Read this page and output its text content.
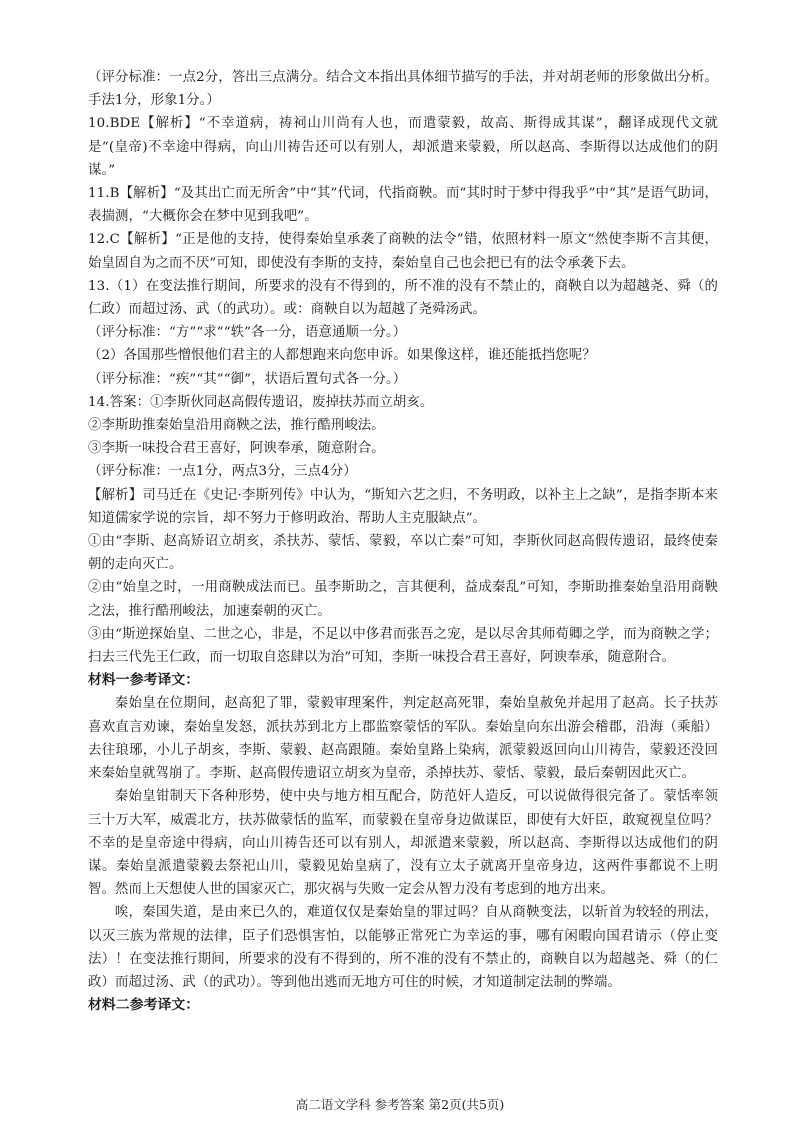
（评分标准：一点2分，答出三点满分。结合文本指出具体细节描写的手法，并对胡老师的形象做出分析。手法1分，形象1分。）

10.BDE【解析】“不幸道病，祷祠山川尚有人也，而遣蒙毅，故高、斯得成其谋”，翻译成现代文就是“(皇帝)不幸途中得病，向山川祷告还可以有别人，却派遣来蒙毅，所以赵高、李斯得以达成他们的阴谋。”

11.B【解析】“及其出亡而无所舍”中“其”代词，代指商鞅。而“其时时于梦中得我乎”中“其”是语气助词，表揣测，“大概你会在梦中见到我吧”。

12.C【解析】“正是他的支持，使得秦始皇承袭了商鞅的法令”错，依照材料一原文“然使李斯不言其便，始皇固自为之而不厌”可知，即使没有李斯的支持，秦始皇自己也会把已有的法令承袭下去。

13.（1）在变法推行期间，所要求的没有不得到的，所不准的没有不禁止的，商鞅自以为超越尧、舜（的仁政）而超过汤、武（的武功）。或：商鞅自以为超越了尧舜汤武。

（评分标准：“方”“求”“轶”各一分，语意通顺一分。）

（2）各国那些憎恨他们君主的人都想跑来向您申诉。如果像这样，谁还能抵挡您呢？

（评分标准：“疾”“其”“御”，状语后置句式各一分。）

14.答案：①李斯伙同赵高假传遗诏，废掉扶苏而立胡亥。

②李斯助推秦始皇沿用商鞅之法，推行酷刑峻法。

③李斯一味投合君王喜好，阿谀奉承，随意附合。

（评分标准：一点1分，两点3分，三点4分）

【解析】司马迁在《史记·李斯列传》中认为，“斯知六艺之归，不务明政，以补主上之缺”，是指李斯本来知道儒家学说的宗旨，却不努力于修明政治、帮助人主克服缺点”。

①由“李斯、赵高矫诏立胡亥，杀扶苏、蒙恬、蒙毅，卒以亡秦”可知，李斯伙同赵高假传遗诏，最终使秦朝的走向灭亡。

②由“始皇之时，一用商鞅成法而已。虽李斯助之，言其便利，益成秦乱”可知，李斯助推秦始皇沿用商鞅之法，推行酷刑峻法，加速秦朝的灭亡。

③由“斯逆探始皇、二世之心，非是，不足以中侈君而张吾之宠，是以尽舍其师荀卿之学，而为商鞅之学；扫去三代先王仁政，而一切取自恣肆以为治”可知，李斯一味投合君王喜好，阿谀奉承，随意附合。

材料一参考译文：

秦始皇在位期间，赵高犯了罪，蒙毅审理案件，判定赵高死罪，秦始皇赦免并起用了赵高。长子扶苏喜欢直言劝谏，秦始皇发怒，派扶苏到北方上郡监察蒙恬的军队。秦始皇向东出游会稽郡，沿海（乘船）去往琅琊，小儿子胡亥，李斯、蒙毅、赵高跟随。秦始皇路上染病，派蒙毅返回向山川祷告，蒙毅还没回来秦始皇就驾崩了。李斯、赵高假传遗诏立胡亥为皇帝，杀掉扶苏、蒙恬、蒙毅，最后秦朝因此灭亡。

秦始皇钳制天下各种形势，使中央与地方相互配合，防范奸人造反，可以说做得很完备了。蒙恬率领三十万大军，威震北方，扶苏做蒙恬的监军，而蒙毅在皇帝身边做谋臣，即使有大奸臣，敢窥视皇位吗？不幸的是皇帝途中得病，向山川祷告还可以有别人，却派遣来蒙毅，所以赵高、李斯得以达成他们的阴谋。秦始皇派遣蒙毅去祭祀山川，蒙毅见始皇病了，没有立太子就离开皇帝身边，这两件事都说不上明智。然而上天想使人世的国家灭亡，那灾祸与失败一定会从智力没有考虑到的地方出来。

唉，秦国失道，是由来已久的，难道仅仅是秦始皇的罪过吗？自从商鞅变法，以斩首为较轻的刑法，以灭三族为常规的法律，臣子们恐惧害怕，以能够正常死亡为幸运的事，哪有闲暇向国君请示（停止变法）！在变法推行期间，所要求的没有不得到的，所不准的没有不禁止的，商鞅自以为超越尧、舜（的仁政）而超过汤、武（的武功）。等到他出逃而无地方可住的时候，才知道制定法制的弊端。

材料二参考译文：

高二语文学科 参考答案 第2页(共5页)
